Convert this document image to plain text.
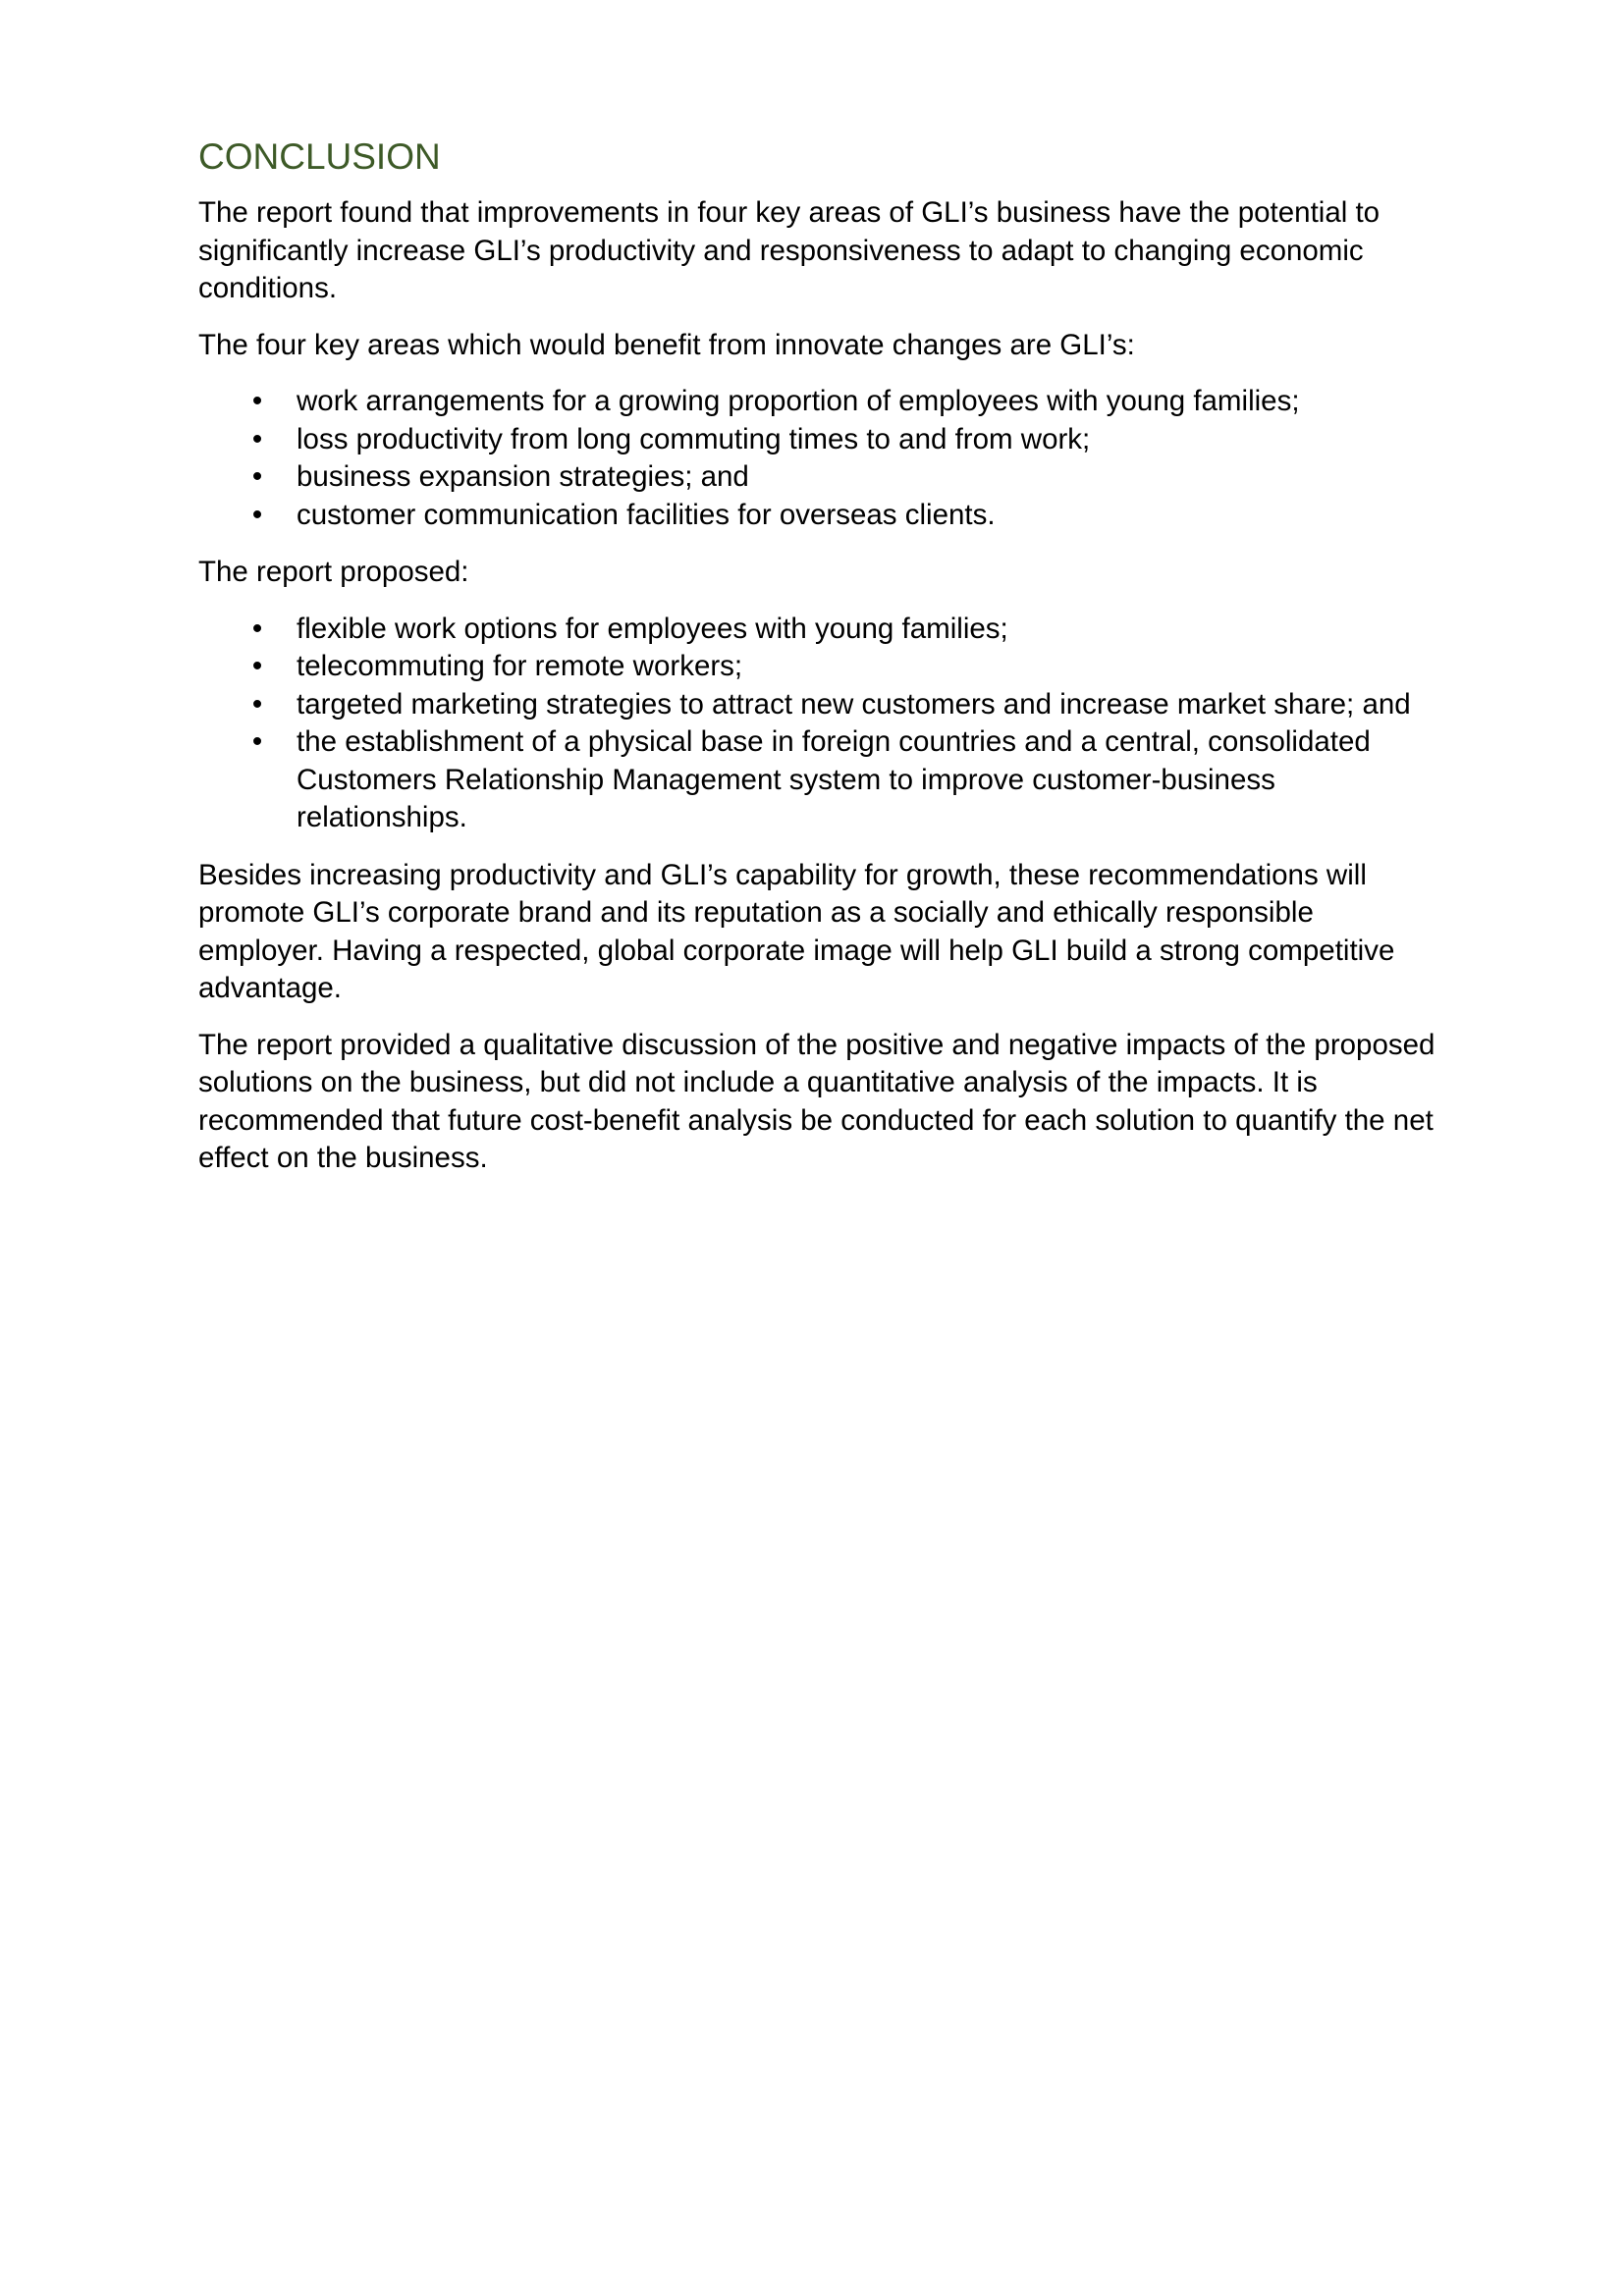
CONCLUSION

The report found that improvements in four key areas of GLI’s business have the potential to significantly increase GLI’s productivity and responsiveness to adapt to changing economic conditions.

The four key areas which would benefit from innovate changes are GLI’s:

• work arrangements for a growing proportion of employees with young families;
• loss productivity from long commuting times to and from work;
• business expansion strategies; and
• customer communication facilities for overseas clients.

The report proposed:

• flexible work options for employees with young families;
• telecommuting for remote workers;
• targeted marketing strategies to attract new customers and increase market share; and
• the establishment of a physical base in foreign countries and a central, consolidated Customers Relationship Management system to improve customer-business relationships.

Besides increasing productivity and GLI’s capability for growth, these recommendations will promote GLI’s corporate brand and its reputation as a socially and ethically responsible employer. Having a respected, global corporate image will help GLI build a strong competitive advantage.

The report provided a qualitative discussion of the positive and negative impacts of the proposed solutions on the business, but did not include a quantitative analysis of the impacts. It is recommended that future cost-benefit analysis be conducted for each solution to quantify the net effect on the business.
